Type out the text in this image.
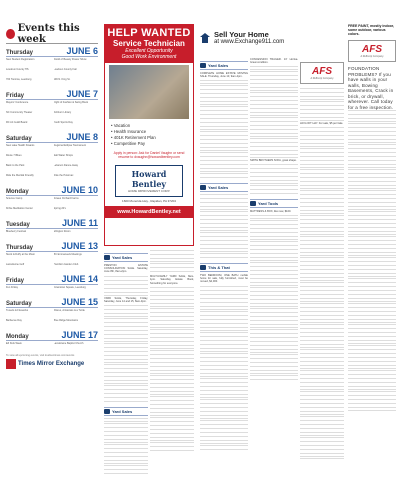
Events this week
Thursday	JUNE 6
New Student Registration	World of Beauty Flower Show
Loudoun County HS	Loudoun County Fair
700 Tocoma, Leesburg	109 N. King St.
Friday	JUNE 7
Mayors' Conference	Night of Fashion & Swing Book
NC Community Theater	Ashburn Library
RC Art Guild Board	Youth Sports Day
Saturday	JUNE 8
New Lake Health Kiwanis	Regional Eclipse Tournament
Route 7 Bikes	Salt Water Shops
Back to the Park	Lebanon Dance-Away
Ride the Meridal Friendly	Ride the Potomac
Monday	JUNE 10
Science Camp	Rowes Orchard Farms
Kirbie Meditation Center	Spring 20's
Tuesday	JUNE 11
Blueberry Festival	Ellington Room
Thursday	JUNE 13
Stock & Duffy at the Moon	BC Emmanuels Meetings
Lansdowne Golf	Hamilton Garden Club
Friday	JUNE 14
Fun Friday	Downtown Square, Leesburg
Saturday	JUNE 15
Tuxedo & Fireworks	Allures, Aristocats & a Turtle
Barbecue Day	Blue Ridge Mountains
Monday	JUNE 17
EZ Kids Week	Lansdowne Baptist Church
To view all upcoming events, visit loudountimes.com/events
Times Mirror Exchange
HELP WANTED
Service Technician
Excellent Opportunity
Good Work Environment
• Vacation
• Health Insurance
• 401K Retirement Plan
• Competitive Pay
Apply in person: Ask for Daniel Vaughn or send resume to dvaughn@howardbentley.com
Howard Bentley
HOME IMPROVEMENT CORP.
1600 Morerida Hwy., Rapidan, PA 37204
www.HowardBentley.net
Sell Your Home
at www.Exchange911.com
Yard Sales

PRESTON ESTATE CONSOLIDATION SALE. Saturday, June 8th, 8am-2pm.

YARD SALE, Thursday, Friday, Saturday, June 14 and 15, 8am-3pm.

Yard Sales

MULTI-FAMILY YARD SALE, 8am-1pm. Saturday Estate Book, Something for everyone.

Yard Sales

COMPLETE HOME ESTATE MOVING SALE. Thursday, June 13, 9am-4pm.

Yard Sales
This & That

TWO BEDROOM, ONE BATH mobile home for sale, fully furnished, must be moved, $4,000.

CONCESSION TRAILER. 13' Hortsa. Great condition.

SMITH BROTHERS SOFA, great shape.

Yard Tools

MATTRESS & BOX, like new, $100.

AFS
A Ruffcorp Company

HAYLOFT HAY. For sale, $5 per bale.

FREE PAINT, mostly indoor, some outdoor, various colors.

AFS
A Ruffcorp Company

FOUNDATION PROBLEMS? If you have walls in your walls, Bowing Basements, Crack in brick, or drywall, wherever. Call today for a free inspection.
